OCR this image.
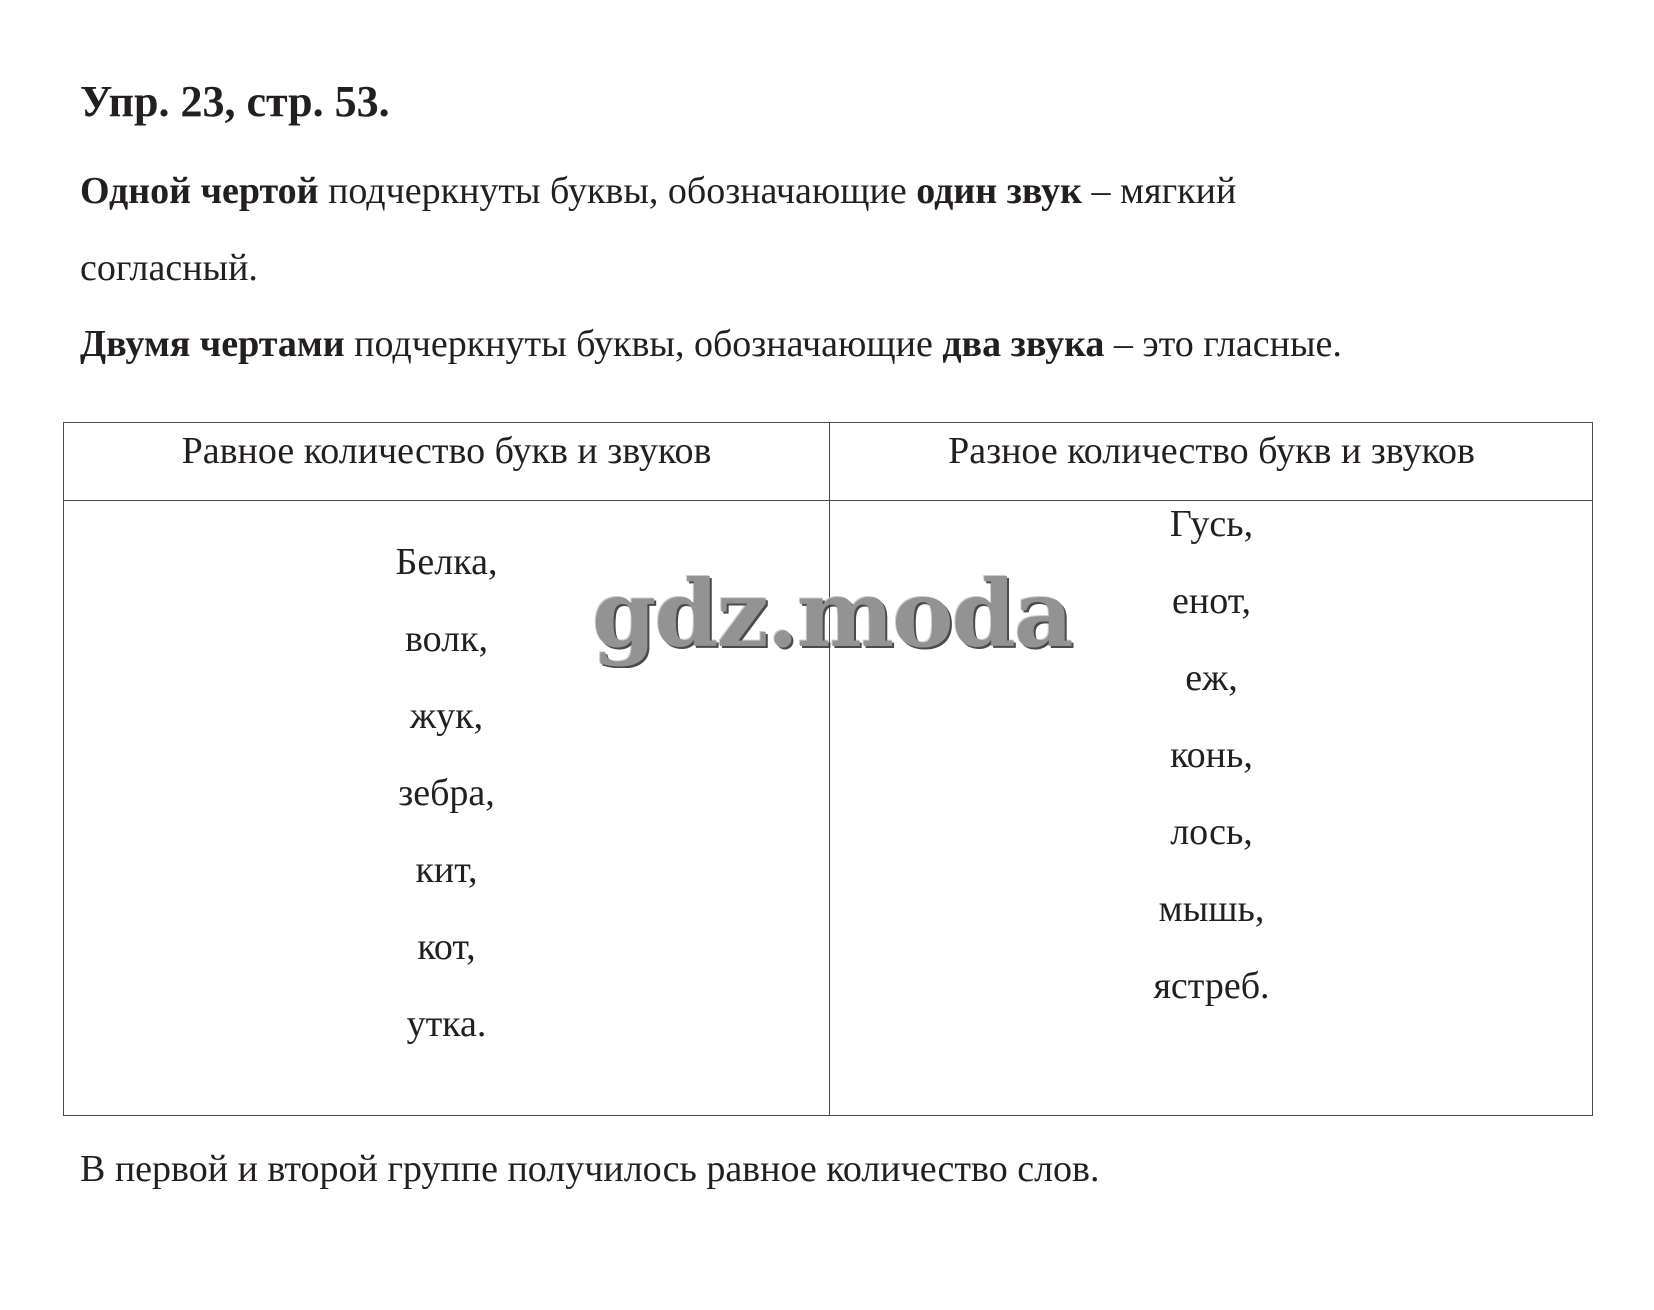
Упр. 23, стр. 53.
Одной чертой подчеркнуты буквы, обозначающие один звук – мягкий
согласный.
Двумя чертами подчеркнуты буквы, обозначающие два звука – это гласные.
Равное количество букв и звуков	Разное количество букв и звуков
Белка,
волк,
жук,
зебра,
кит,
кот,
утка.
Гусь,
енот,
еж,
конь,
лось,
мышь,
ястреб.
gdz.moda
В первой и второй группе получилось равное количество слов.
